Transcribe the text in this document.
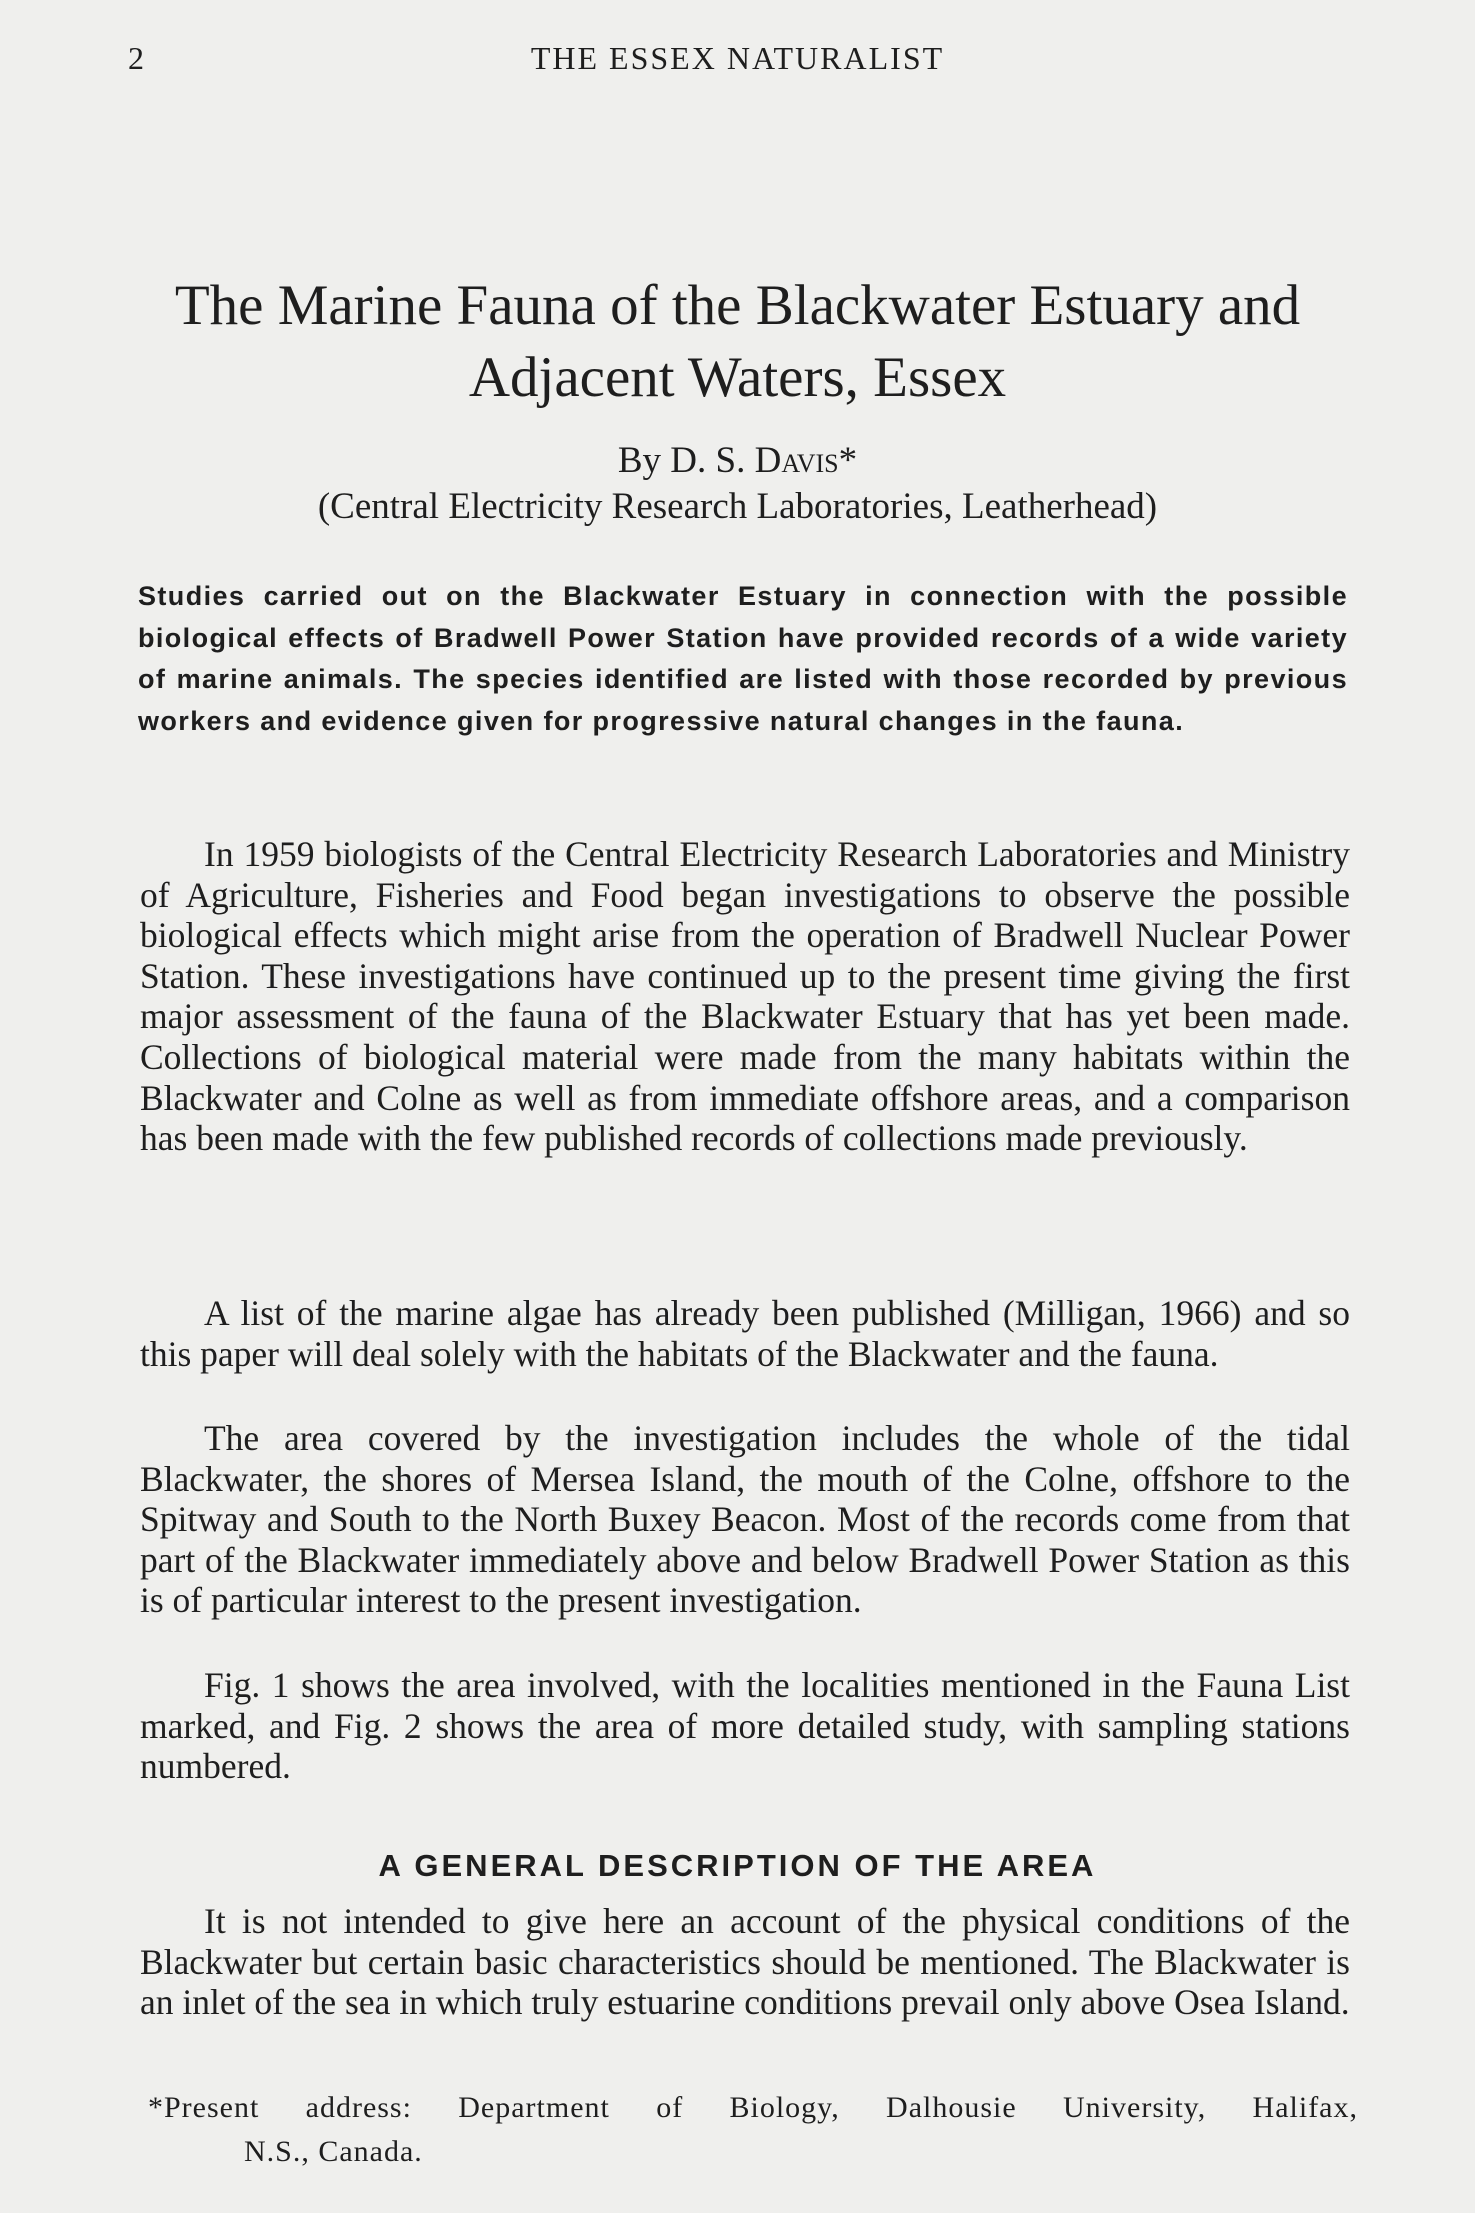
2	THE ESSEX NATURALIST
The Marine Fauna of the Blackwater Estuary and
Adjacent Waters, Essex
By D. S. Davis*
(Central Electricity Research Laboratories, Leatherhead)

Studies carried out on the Blackwater Estuary in connection with the possible biological effects of Bradwell Power Station have provided records of a wide variety of marine animals. The species identified are listed with those recorded by previous workers and evidence given for progressive natural changes in the fauna.

In 1959 biologists of the Central Electricity Research Laboratories and Ministry of Agriculture, Fisheries and Food began investigations to observe the possible biological effects which might arise from the operation of Bradwell Nuclear Power Station. These investigations have continued up to the present time giving the first major assessment of the fauna of the Blackwater Estuary that has yet been made. Collections of biological material were made from the many habitats within the Blackwater and Colne as well as from immediate offshore areas, and a comparison has been made with the few published records of collections made previously.

A list of the marine algae has already been published (Milligan, 1966) and so this paper will deal solely with the habitats of the Blackwater and the fauna.

The area covered by the investigation includes the whole of the tidal Blackwater, the shores of Mersea Island, the mouth of the Colne, offshore to the Spitway and South to the North Buxey Beacon. Most of the records come from that part of the Blackwater immediately above and below Bradwell Power Station as this is of particular interest to the present investigation.

Fig. 1 shows the area involved, with the localities mentioned in the Fauna List marked, and Fig. 2 shows the area of more detailed study, with sampling stations numbered.

A GENERAL DESCRIPTION OF THE AREA

It is not intended to give here an account of the physical conditions of the Blackwater but certain basic characteristics should be mentioned. The Blackwater is an inlet of the sea in which truly estuarine conditions prevail only above Osea Island.

*Present address: Department of Biology, Dalhousie University, Halifax,
N.S., Canada.
